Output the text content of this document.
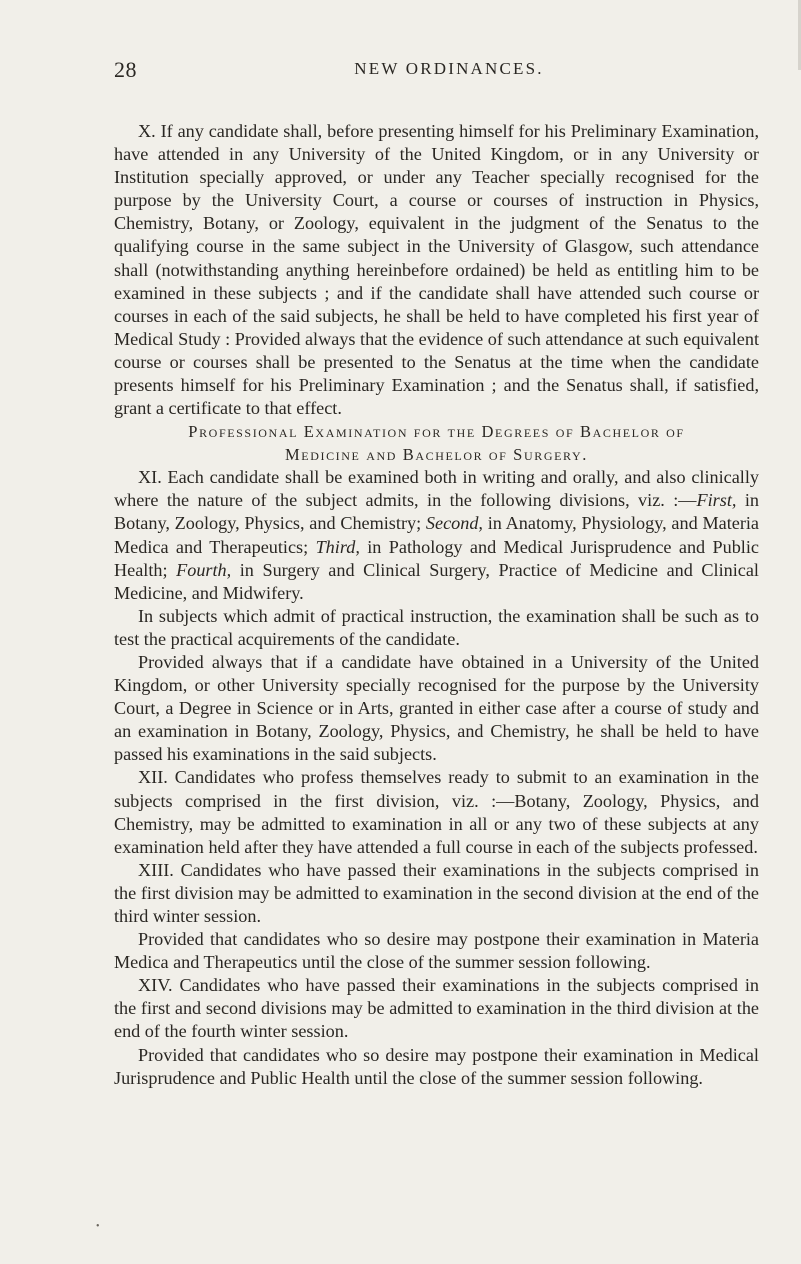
28	NEW ORDINANCES.

X. If any candidate shall, before presenting himself for his Preliminary Examination, have attended in any University of the United Kingdom, or in any University or Institution specially approved, or under any Teacher specially recognised for the purpose by the University Court, a course or courses of instruction in Physics, Chemistry, Botany, or Zoology, equivalent in the judgment of the Senatus to the qualifying course in the same subject in the University of Glasgow, such attendance shall (notwithstanding anything hereinbefore ordained) be held as entitling him to be examined in these subjects ; and if the candidate shall have attended such course or courses in each of the said subjects, he shall be held to have completed his first year of Medical Study : Provided always that the evidence of such attendance at such equivalent course or courses shall be presented to the Senatus at the time when the candidate presents himself for his Preliminary Examination ; and the Senatus shall, if satisfied, grant a certificate to that effect.

Professional Examination for the Degrees of Bachelor of
Medicine and Bachelor of Surgery.

XI. Each candidate shall be examined both in writing and orally, and also clinically where the nature of the subject admits, in the following divisions, viz. :—First, in Botany, Zoology, Physics, and Chemistry; Second, in Anatomy, Physiology, and Materia Medica and Therapeutics; Third, in Pathology and Medical Jurisprudence and Public Health; Fourth, in Surgery and Clinical Surgery, Practice of Medicine and Clinical Medicine, and Midwifery.

In subjects which admit of practical instruction, the examination shall be such as to test the practical acquirements of the candidate.

Provided always that if a candidate have obtained in a University of the United Kingdom, or other University specially recognised for the purpose by the University Court, a Degree in Science or in Arts, granted in either case after a course of study and an examination in Botany, Zoology, Physics, and Chemistry, he shall be held to have passed his examinations in the said subjects.

XII. Candidates who profess themselves ready to submit to an examination in the subjects comprised in the first division, viz. :—Botany, Zoology, Physics, and Chemistry, may be admitted to examination in all or any two of these subjects at any examination held after they have attended a full course in each of the subjects professed.

XIII. Candidates who have passed their examinations in the subjects comprised in the first division may be admitted to examination in the second division at the end of the third winter session.

Provided that candidates who so desire may postpone their examination in Materia Medica and Therapeutics until the close of the summer session following.

XIV. Candidates who have passed their examinations in the subjects comprised in the first and second divisions may be admitted to examination in the third division at the end of the fourth winter session.

Provided that candidates who so desire may postpone their examination in Medical Jurisprudence and Public Health until the close of the summer session following.

•
